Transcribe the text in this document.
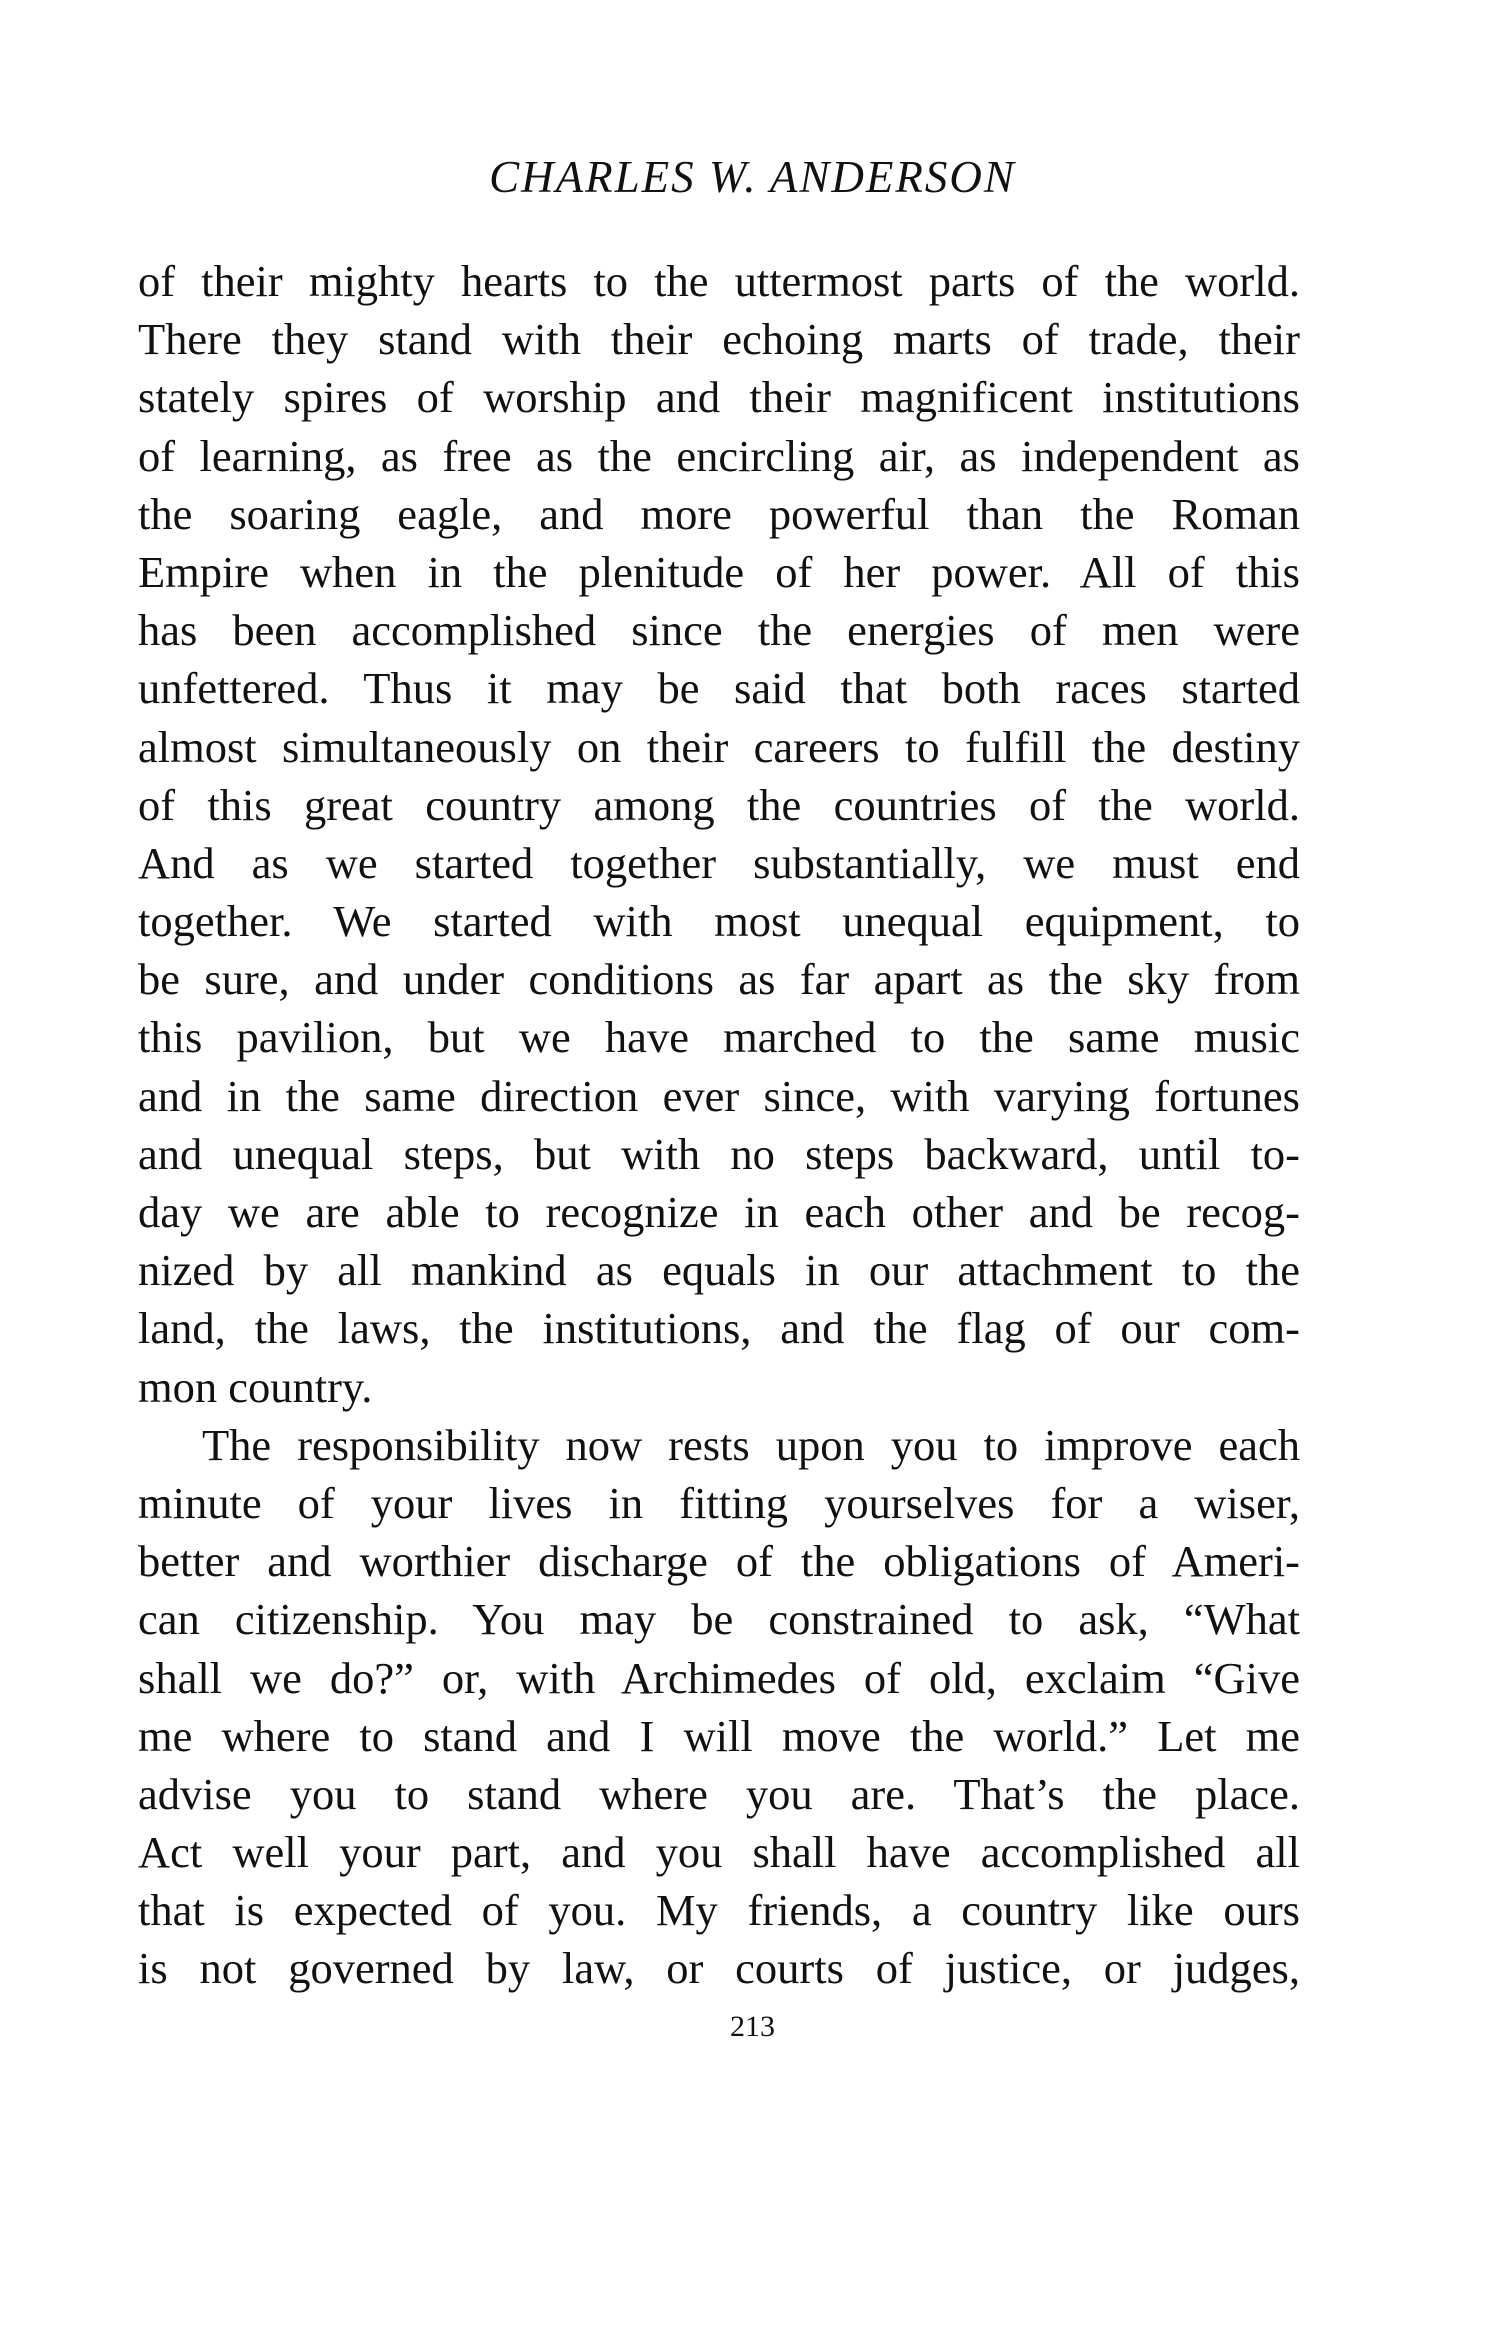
CHARLES W. ANDERSON
of their mighty hearts to the uttermost parts of the world.
There they stand with their echoing marts of trade, their
stately spires of worship and their magnificent institutions
of learning, as free as the encircling air, as independent as
the soaring eagle, and more powerful than the Roman
Empire when in the plenitude of her power. All of this
has been accomplished since the energies of men were
unfettered. Thus it may be said that both races started
almost simultaneously on their careers to fulfill the destiny
of this great country among the countries of the world.
And as we started together substantially, we must end
together. We started with most unequal equipment, to
be sure, and under conditions as far apart as the sky from
this pavilion, but we have marched to the same music
and in the same direction ever since, with varying fortunes
and unequal steps, but with no steps backward, until to-
day we are able to recognize in each other and be recog-
nized by all mankind as equals in our attachment to the
land, the laws, the institutions, and the flag of our com-
mon country.
The responsibility now rests upon you to improve each
minute of your lives in fitting yourselves for a wiser,
better and worthier discharge of the obligations of Ameri-
can citizenship. You may be constrained to ask, “What
shall we do?” or, with Archimedes of old, exclaim “Give
me where to stand and I will move the world.” Let me
advise you to stand where you are. That’s the place.
Act well your part, and you shall have accomplished all
that is expected of you. My friends, a country like ours
is not governed by law, or courts of justice, or judges,
213
